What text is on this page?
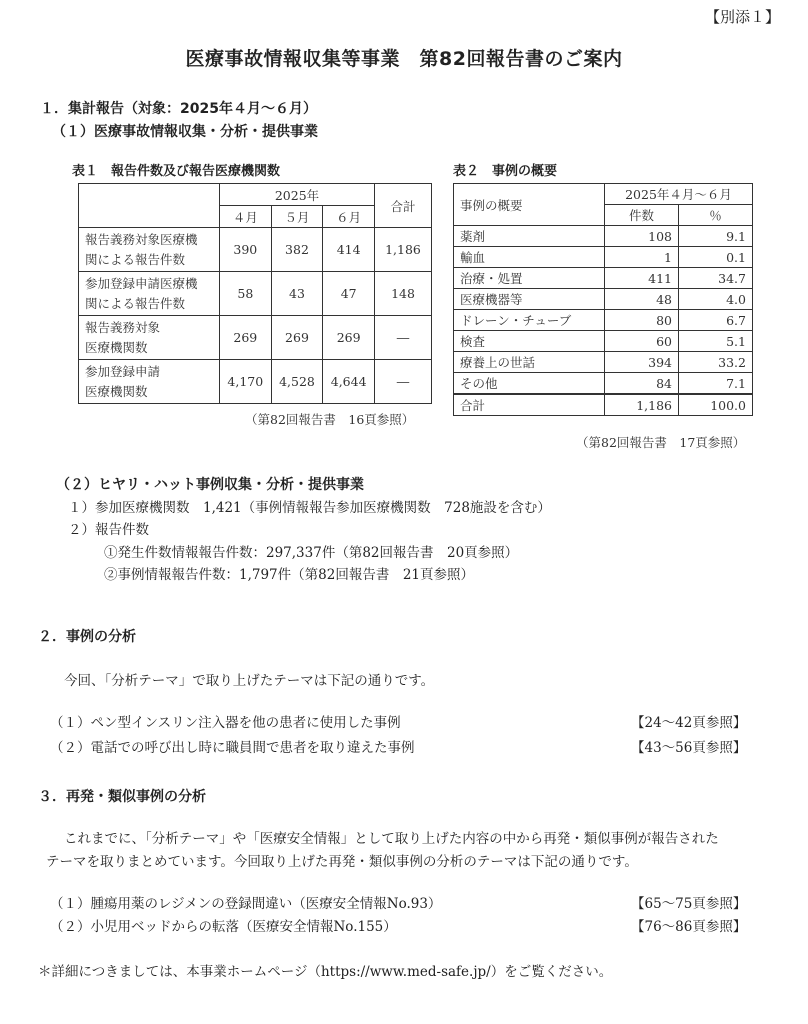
【別添１】
医療事故情報収集等事業　第82回報告書のご案内
１．集計報告（対象：2025年４月～６月）
（１）医療事故情報収集・分析・提供事業
表１　報告件数及び報告医療機関数	表２　事例の概要
	2025年			合計
	４月	５月	６月	
報告義務対象医療機
関による報告件数	390	382	414	1,186
参加登録申請医療機
関による報告件数	58	43	47	148
報告義務対象
医療機関数	269	269	269	―
参加登録申請
医療機関数	4,170	4,528	4,644	―
（第82回報告書　16頁参照）
事例の概要	2025年４月～６月	
	件数	％
薬剤	108	9.1
輸血	1	0.1
治療・処置	411	34.7
医療機器等	48	4.0
ドレーン・チューブ	80	6.7
検査	60	5.1
療養上の世話	394	33.2
その他	84	7.1
合計	1,186	100.0
（第82回報告書　17頁参照）
（２）ヒヤリ・ハット事例収集・分析・提供事業
１）参加医療機関数　1,421（事例情報報告参加医療機関数　728施設を含む）
２）報告件数
①発生件数情報報告件数：297,337件（第82回報告書　20頁参照）
②事例情報報告件数：1,797件（第82回報告書　21頁参照）
２．事例の分析
今回、「分析テーマ」で取り上げたテーマは下記の通りです。
（１）ペン型インスリン注入器を他の患者に使用した事例	【24～42頁参照】
（２）電話での呼び出し時に職員間で患者を取り違えた事例	【43～56頁参照】
３．再発・類似事例の分析
これまでに、「分析テーマ」や「医療安全情報」として取り上げた内容の中から再発・類似事例が報告された
テーマを取りまとめています。今回取り上げた再発・類似事例の分析のテーマは下記の通りです。
（１）腫瘍用薬のレジメンの登録間違い（医療安全情報No.93）	【65～75頁参照】
（２）小児用ベッドからの転落（医療安全情報No.155）	【76～86頁参照】
＊詳細につきましては、本事業ホームページ（https://www.med-safe.jp/）をご覧ください。
